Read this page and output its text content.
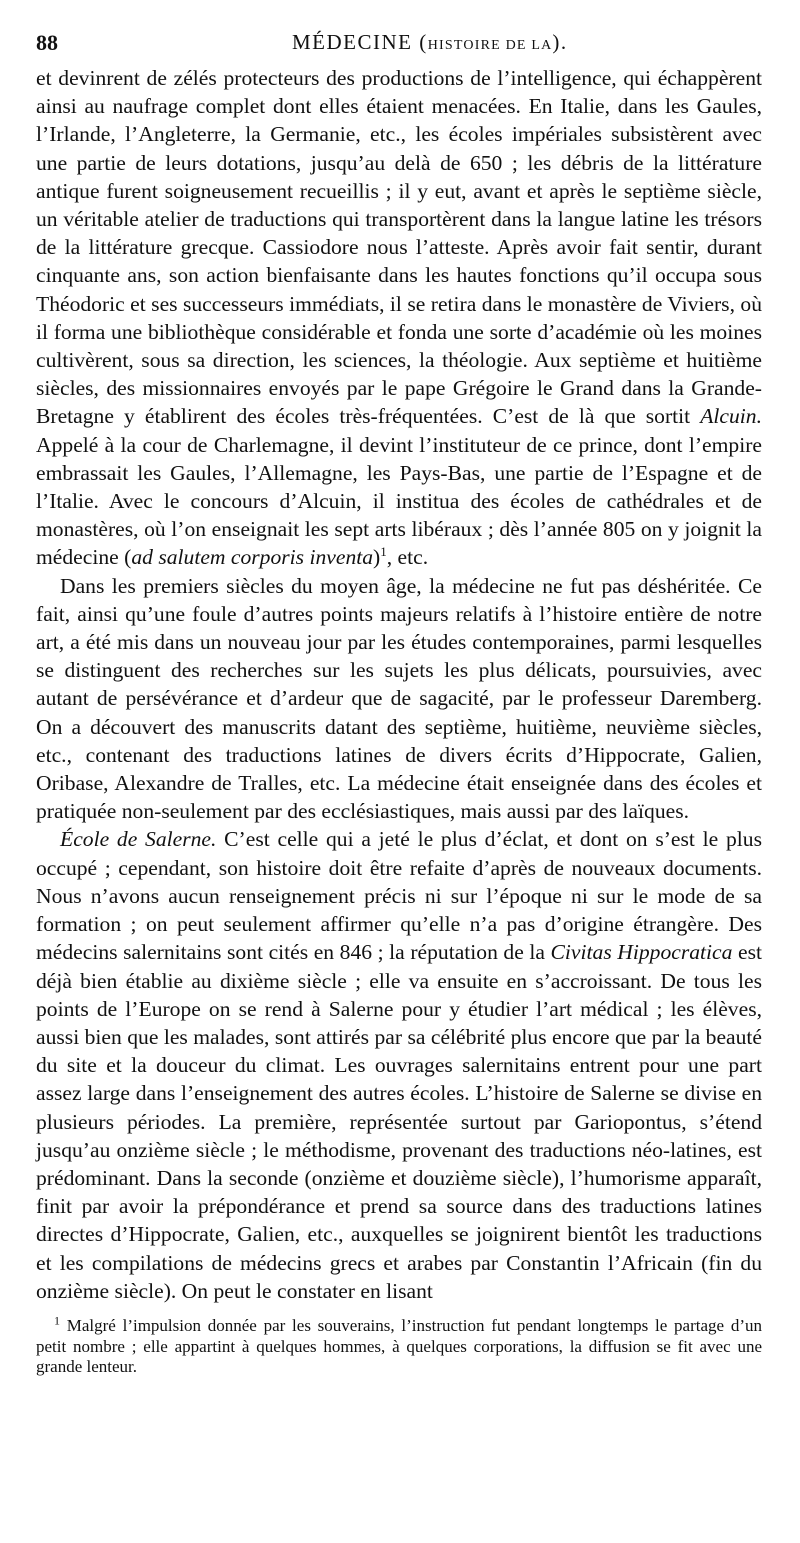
88	MÉDECINE (HISTOIRE DE LA).

et devinrent de zélés protecteurs des productions de l’intelligence, qui échappèrent ainsi au naufrage complet dont elles étaient menacées. En Italie, dans les Gaules, l’Irlande, l’Angleterre, la Germanie, etc., les écoles impériales subsistèrent avec une partie de leurs dotations, jusqu’au delà de 650 ; les débris de la littérature antique furent soigneusement recueillis ; il y eut, avant et après le septième siècle, un véritable atelier de traductions qui transportèrent dans la langue latine les trésors de la littérature grecque. Cassiodore nous l’atteste. Après avoir fait sentir, durant cinquante ans, son action bienfaisante dans les hautes fonctions qu’il occupa sous Théodoric et ses successeurs immédiats, il se retira dans le monastère de Viviers, où il forma une bibliothèque considérable et fonda une sorte d’académie où les moines cultivèrent, sous sa direction, les sciences, la théologie. Aux septième et huitième siècles, des missionnaires envoyés par le pape Grégoire le Grand dans la Grande-Bretagne y établirent des écoles très-fréquentées. C’est de là que sortit Alcuin. Appelé à la cour de Charlemagne, il devint l’instituteur de ce prince, dont l’empire embrassait les Gaules, l’Allemagne, les Pays-Bas, une partie de l’Espagne et de l’Italie. Avec le concours d’Alcuin, il institua des écoles de cathédrales et de monastères, où l’on enseignait les sept arts libéraux ; dès l’année 805 on y joignit la médecine (ad salutem corporis inventa)$^1$, etc.

Dans les premiers siècles du moyen âge, la médecine ne fut pas déshéritée. Ce fait, ainsi qu’une foule d’autres points majeurs relatifs à l’histoire entière de notre art, a été mis dans un nouveau jour par les études contemporaines, parmi lesquelles se distinguent des recherches sur les sujets les plus délicats, poursuivies, avec autant de persévérance et d’ardeur que de sagacité, par le professeur Daremberg. On a découvert des manuscrits datant des septième, huitième, neuvième siècles, etc., contenant des traductions latines de divers écrits d’Hippocrate, Galien, Oribase, Alexandre de Tralles, etc. La médecine était enseignée dans des écoles et pratiquée non-seulement par des ecclésiastiques, mais aussi par des laïques.

École de Salerne. C’est celle qui a jeté le plus d’éclat, et dont on s’est le plus occupé ; cependant, son histoire doit être refaite d’après de nouveaux documents. Nous n’avons aucun renseignement précis ni sur l’époque ni sur le mode de sa formation ; on peut seulement affirmer qu’elle n’a pas d’origine étrangère. Des médecins salernitains sont cités en 846 ; la réputation de la Civitas Hippocratica est déjà bien établie au dixième siècle ; elle va ensuite en s’accroissant. De tous les points de l’Europe on se rend à Salerne pour y étudier l’art médical ; les élèves, aussi bien que les malades, sont attirés par sa célébrité plus encore que par la beauté du site et la douceur du climat. Les ouvrages salernitains entrent pour une part assez large dans l’enseignement des autres écoles. L’histoire de Salerne se divise en plusieurs périodes. La première, représentée surtout par Gariopontus, s’étend jusqu’au onzième siècle ; le méthodisme, provenant des traductions néo-latines, est prédominant. Dans la seconde (onzième et douzième siècle), l’humorisme apparaît, finit par avoir la prépondérance et prend sa source dans des traductions latines directes d’Hippocrate, Galien, etc., auxquelles se joignirent bientôt les traductions et les compilations de médecins grecs et arabes par Constantin l’Africain (fin du onzième siècle). On peut le constater en lisant

$^1$ Malgré l’impulsion donnée par les souverains, l’instruction fut pendant longtemps le partage d’un petit nombre ; elle appartint à quelques hommes, à quelques corporations, la diffusion se fit avec une grande lenteur.
